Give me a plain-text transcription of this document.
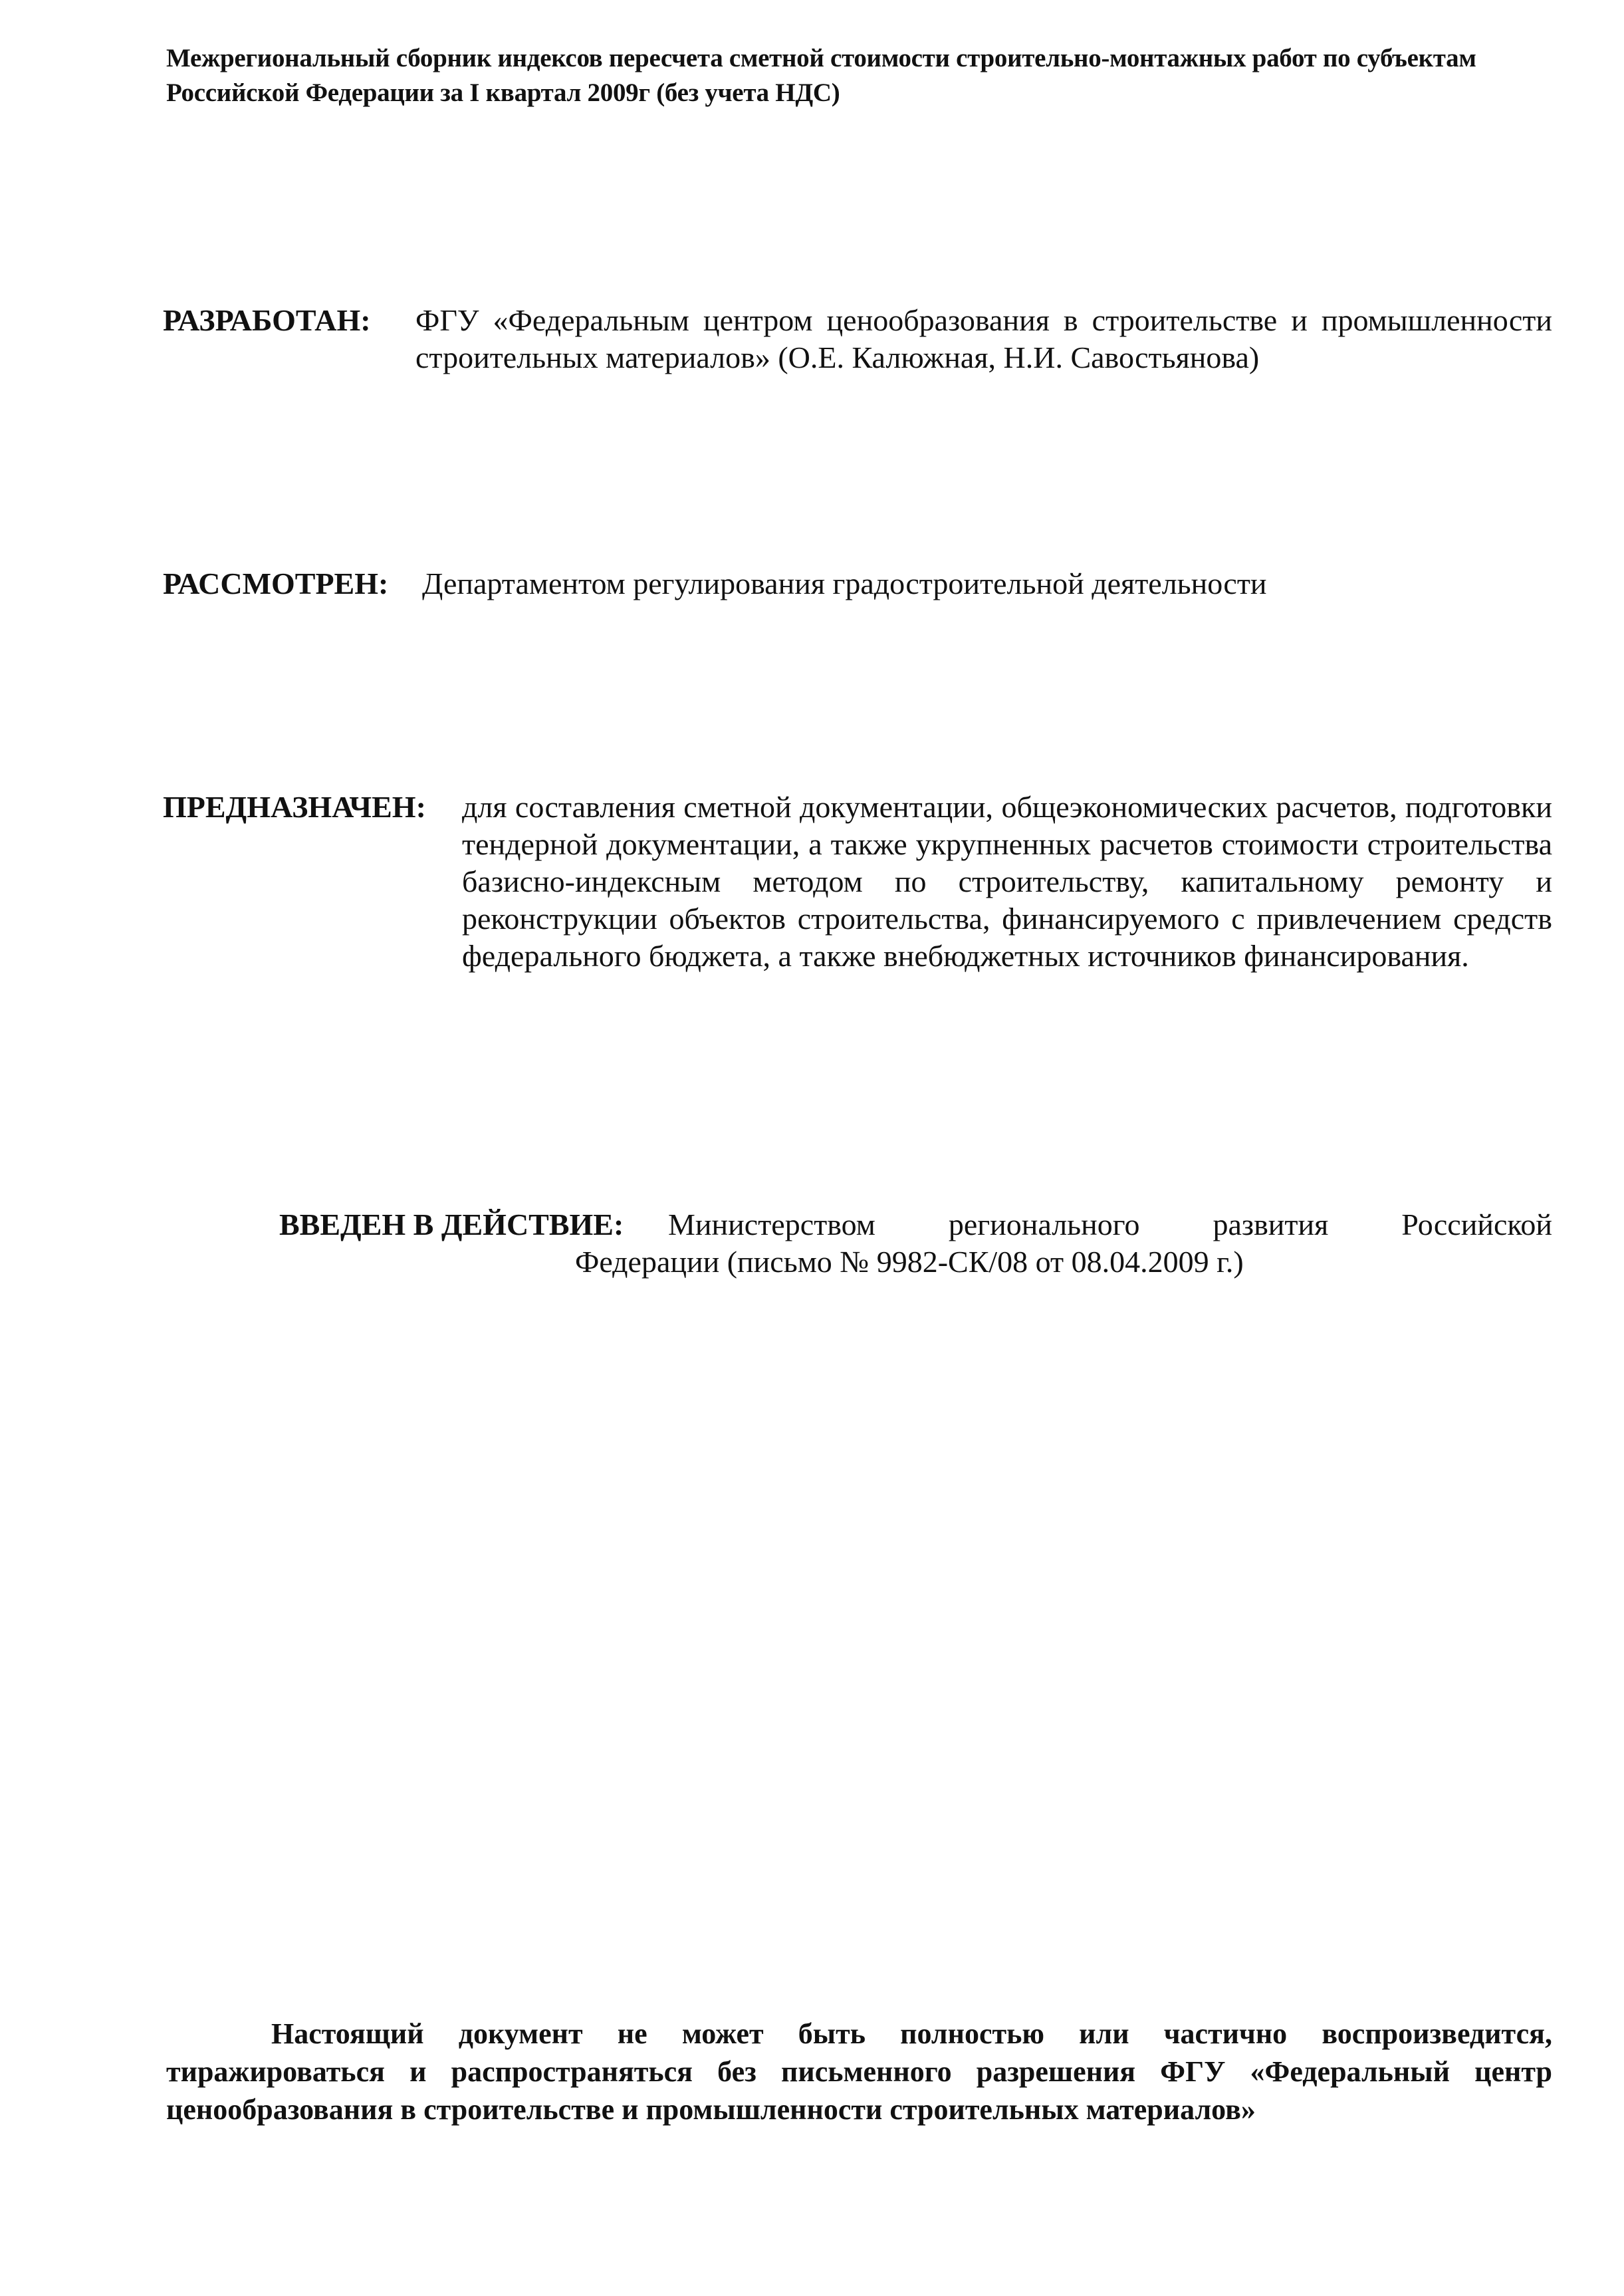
Межрегиональный сборник индексов пересчета сметной стоимости строительно-монтажных работ по субъектам Российской Федерации за I квартал 2009г (без учета НДС)
РАЗРАБОТАН: ФГУ «Федеральным центром ценообразования в строительстве и промышленности строительных материалов» (О.Е. Калюжная, Н.И. Савостьянова)
РАССМОТРЕН: Департаментом регулирования градостроительной деятельности
ПРЕДНАЗНАЧЕН: для составления сметной документации, общеэкономических расчетов, подготовки тендерной документации, а также укрупненных расчетов стоимости строительства базисно-индексным методом по строительству, капитальному ремонту и реконструкции объектов строительства, финансируемого с привлечением средств федерального бюджета, а также внебюджетных источников финансирования.
ВВЕДЕН В ДЕЙСТВИЕ: Министерством регионального развития Российской
Федерации (письмо № 9982-СК/08 от 08.04.2009 г.)
Настоящий документ не может быть полностью или частично воспроизведится, тиражироваться и распространяться без письменного разрешения ФГУ «Федеральный центр ценообразования в строительстве и промышленности строительных материалов»
